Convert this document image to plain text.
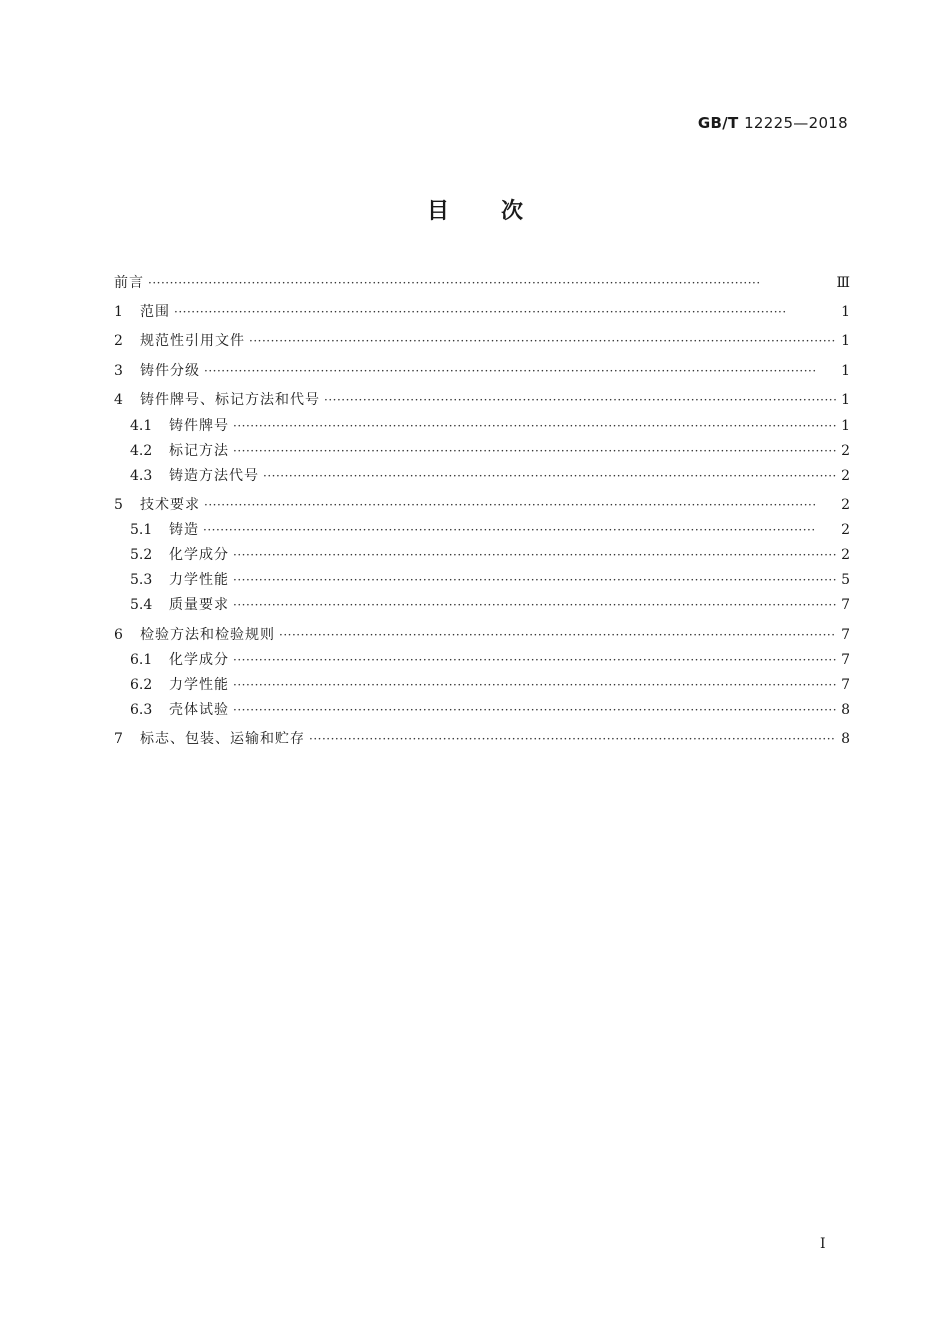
GB/T 12225—2018
目次
前言 ·····	Ⅲ
1	范围 ·····	1
2	规范性引用文件 ·····	1
3	铸件分级 ·····	1
4	铸件牌号、标记方法和代号 ·····	1
4.1	铸件牌号 ·····	1
4.2	标记方法 ·····	2
4.3	铸造方法代号 ·····	2
5	技术要求 ·····	2
5.1	铸造 ·····	2
5.2	化学成分 ·····	2
5.3	力学性能 ·····	5
5.4	质量要求 ·····	7
6	检验方法和检验规则 ·····	7
6.1	化学成分 ·····	7
6.2	力学性能 ·····	7
6.3	壳体试验 ·····	8
7	标志、包装、运输和贮存 ·····	8
I
